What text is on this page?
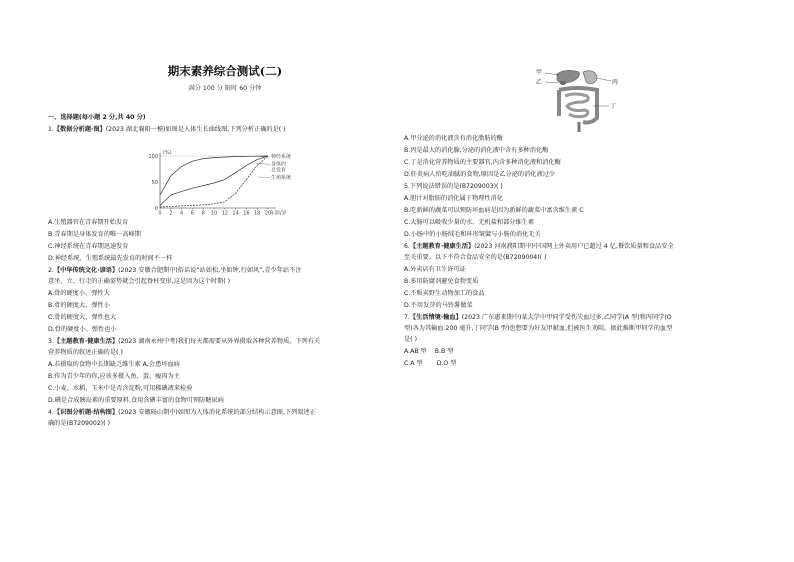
期末素养综合测试(二)
满分 100 分 限时 60 分钟

一、选择题(每小题 2 分,共 40 分)

1.【数据分析题·图】(2023 湖北襄阳一模)如图是人体生长曲线图,下列分析正确的是( )

0 2 4 6 8 10 12 14 16 18 20
年龄/岁
0
50
100
(%)
神经系统
身体的
总发育
生殖系统

A.生殖器官在青春期开始发育

B.青春期是身体发育的唯一高峰期

C.神经系统在青春期迅速发育

D.神经系统、生殖系统最先发育的时间不一样

2.【中华传统文化·谚语】(2023 安徽合肥期中)俗话说“站如松,坐如钟,行如风”,青少年站不注

意坐、立、行走的正确姿势就会引起脊柱变形,这是因为这个时期( )

A.骨的硬度小、弹性大

B.骨的硬度大、弹性小

C.骨的硬度大、弹性也大

D.骨的硬度小、弹性也小

3.【主题教育·健康生活】(2023 湖南永州中考)我们每天都需要从外界摄取各种营养物质。下列有关

营养物质的叙述正确的是( )

A.若摄取的食物中长期缺乏维生素 A,会患坏血病

B.作为青少年的你,应该多摄入鱼、蛋、瘦肉为主

C.小麦、水稻、玉米中是否含淀粉,可用稀碘液来检验

D.碘是合成胰岛素的重要原料,食用含碘丰富的食物可预防糖尿病

4.【识图分析题·结构图】(2023 安徽砀山期中)如图为人体消化系统的部分结构示意图,下列叙述正

确的是(B7209002)( )

甲
乙	丙
丁

A.甲分泌的消化液含有消化脂肪的酶

B.丙是最大的消化腺,分泌的消化液中含有多种消化酶

C.丁是消化营养物质的主要器官,内含多种消化液和消化酶

D.肝炎病人怕吃油腻的食物,原因是乙分泌的消化液过少

5.下列说法错误的是(B7209003)( )

A.胆汁对脂肪的消化属于物理性消化

B.吃新鲜的蔬菜可以预防坏血病是因为新鲜的蔬菜中富含维生素 C

C.大肠可以吸收少量的水、无机盐和部分维生素

D.小肠中的小肠绒毛和环形皱襞与小肠的消化无关

6.【主题教育·健康生活】(2023 河南濮阳期中)中国网上外卖用户已超过 4 亿,餐饮质量和食品安全

至关重要。以下不符合食品安全的是(B7209004)( )

A.外卖店有卫生许可证

B.多用防腐剂避免食物变质

C.不贩卖野生动物加工的食品

D.不用发芽的马铃薯做菜

7.【生活情境·输血】(2023 广东惠来期中)某大学中甲同学受伤失血过多,乙同学(A 型)和丙同学(O

型)各为其输血 200 毫升,丁同学(B 型)也想要为好友甲献血,但被医生劝阻。据此推断甲同学的血型

是( )

A.AB 型 B.B 型

C.A 型 D.O 型
